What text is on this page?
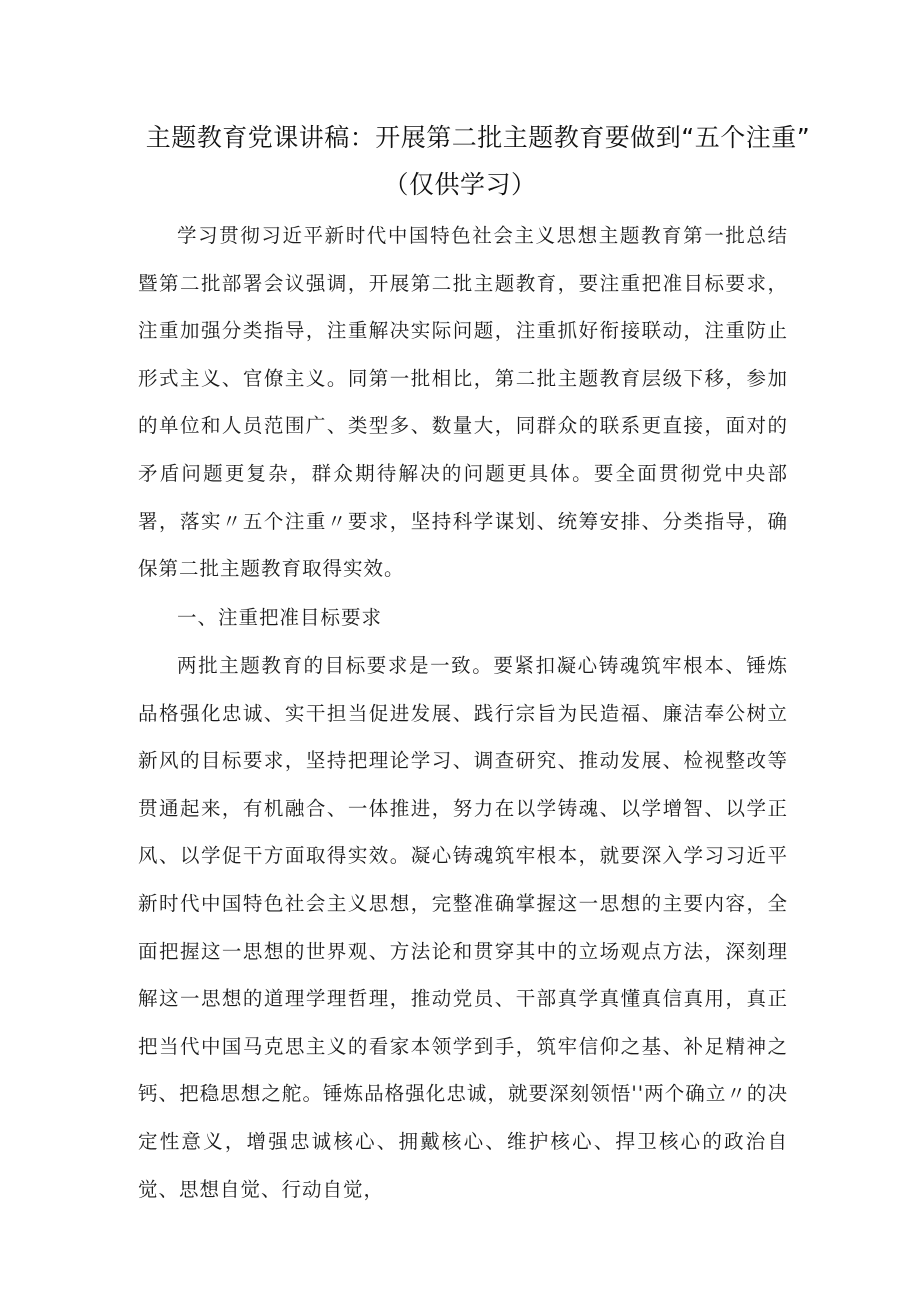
主题教育党课讲稿：开展第二批主题教育要做到“五个注重”
（仅供学习）

学习贯彻习近平新时代中国特色社会主义思想主题教育第一批总结暨第二批部署会议强调，开展第二批主题教育，要注重把准目标要求，注重加强分类指导，注重解决实际问题，注重抓好衔接联动，注重防止形式主义、官僚主义。同第一批相比，第二批主题教育层级下移，参加的单位和人员范围广、类型多、数量大，同群众的联系更直接，面对的矛盾问题更复杂，群众期待解决的问题更具体。要全面贯彻党中央部署，落实〃五个注重〃要求，坚持科学谋划、统筹安排、分类指导，确保第二批主题教育取得实效。

一、注重把准目标要求

两批主题教育的目标要求是一致。要紧扣凝心铸魂筑牢根本、锤炼品格强化忠诚、实干担当促进发展、践行宗旨为民造福、廉洁奉公树立新风的目标要求，坚持把理论学习、调查研究、推动发展、检视整改等贯通起来，有机融合、一体推进，努力在以学铸魂、以学增智、以学正风、以学促干方面取得实效。凝心铸魂筑牢根本，就要深入学习习近平新时代中国特色社会主义思想，完整准确掌握这一思想的主要内容，全面把握这一思想的世界观、方法论和贯穿其中的立场观点方法，深刻理解这一思想的道理学理哲理，推动党员、干部真学真懂真信真用，真正把当代中国马克思主义的看家本领学到手，筑牢信仰之基、补足精神之钙、把稳思想之舵。锤炼品格强化忠诚，就要深刻领悟''两个确立〃的决定性意义，增强忠诚核心、拥戴核心、维护核心、捍卫核心的政治自觉、思想自觉、行动自觉，
